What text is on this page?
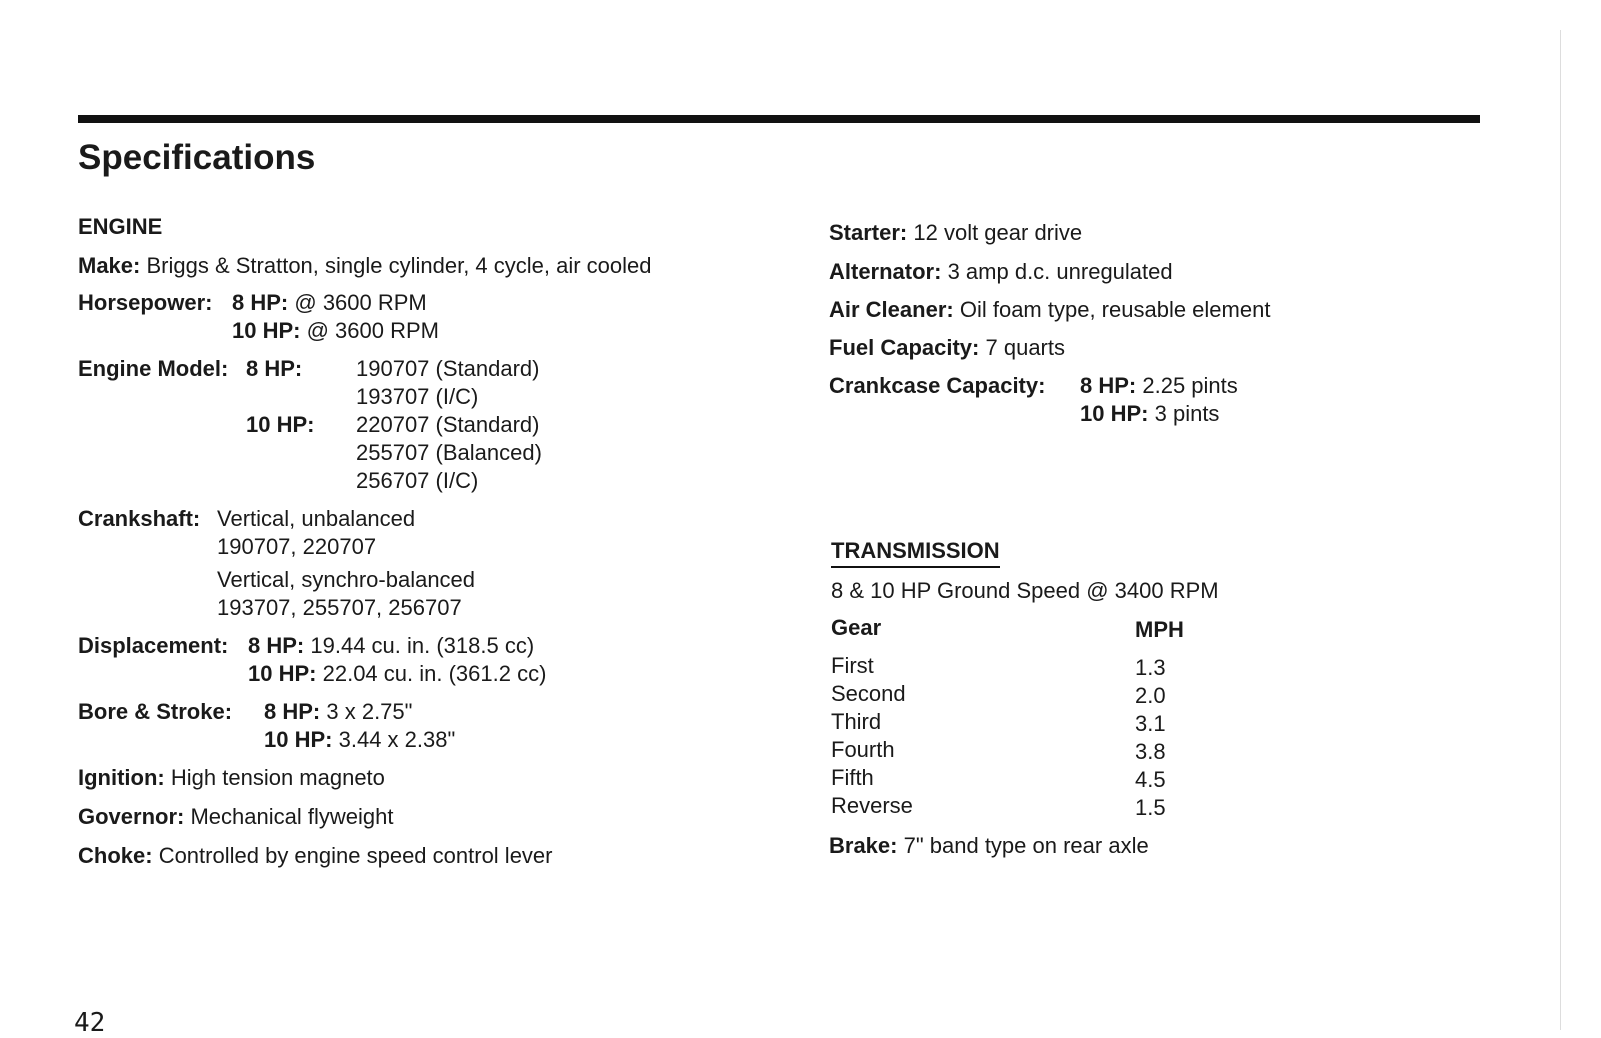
Specifications
ENGINE
Make: Briggs & Stratton, single cylinder, 4 cycle, air cooled
Horsepower: 8 HP: @ 3600 RPM
10 HP: @ 3600 RPM
Engine Model: 8 HP: 190707 (Standard)
193707 (I/C)
10 HP: 220707 (Standard)
255707 (Balanced)
256707 (I/C)
Crankshaft: Vertical, unbalanced
190707, 220707
Vertical, synchro-balanced
193707, 255707, 256707
Displacement: 8 HP: 19.44 cu. in. (318.5 cc)
10 HP: 22.04 cu. in. (361.2 cc)
Bore & Stroke: 8 HP: 3 x 2.75"
10 HP: 3.44 x 2.38"
Ignition: High tension magneto
Governor: Mechanical flyweight
Choke: Controlled by engine speed control lever
Starter: 12 volt gear drive
Alternator: 3 amp d.c. unregulated
Air Cleaner: Oil foam type, reusable element
Fuel Capacity: 7 quarts
Crankcase Capacity: 8 HP: 2.25 pints
10 HP: 3 pints
TRANSMISSION
8 & 10 HP Ground Speed @ 3400 RPM
Gear	MPH
First	1.3
Second	2.0
Third	3.1
Fourth	3.8
Fifth	4.5
Reverse	1.5
Brake: 7" band type on rear axle
42
